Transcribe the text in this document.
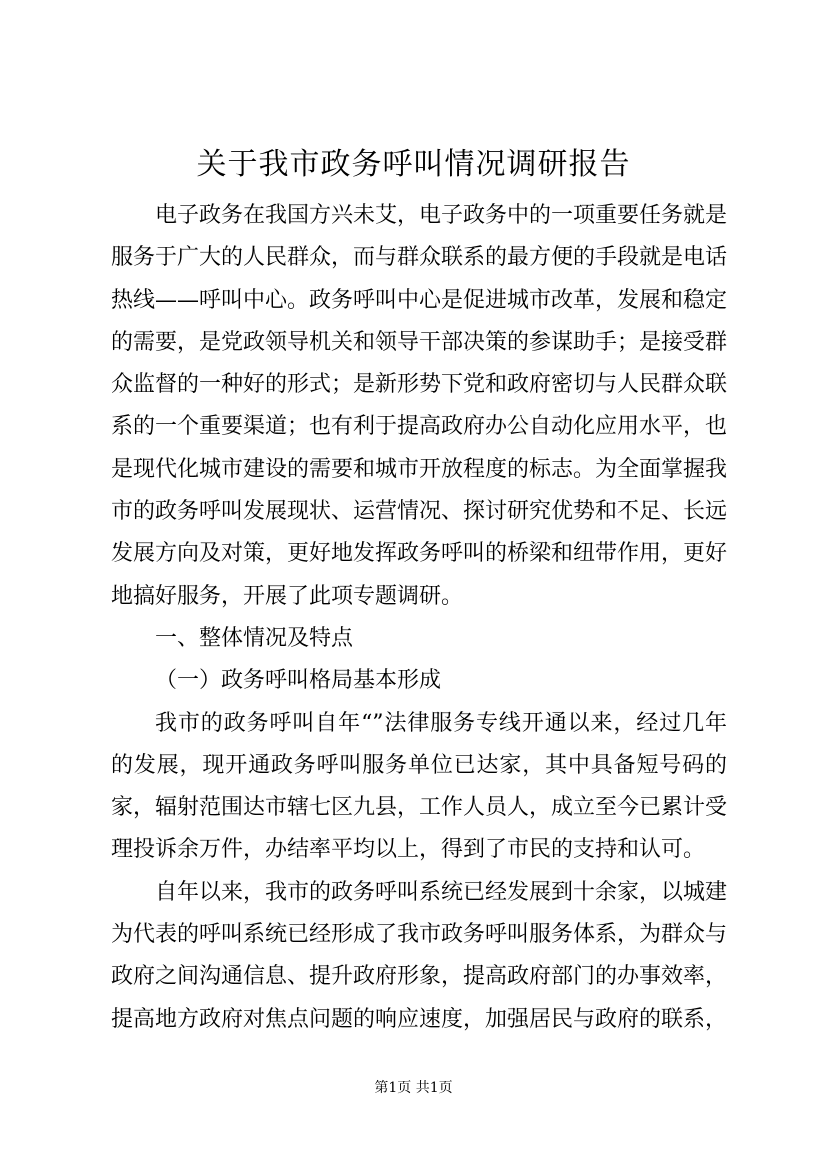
关于我市政务呼叫情况调研报告

电子政务在我国方兴未艾，电子政务中的一项重要任务就是服务于广大的人民群众，而与群众联系的最方便的手段就是电话热线——呼叫中心。政务呼叫中心是促进城市改革，发展和稳定的需要，是党政领导机关和领导干部决策的参谋助手；是接受群众监督的一种好的形式；是新形势下党和政府密切与人民群众联系的一个重要渠道；也有利于提高政府办公自动化应用水平，也是现代化城市建设的需要和城市开放程度的标志。为全面掌握我市的政务呼叫发展现状、运营情况、探讨研究优势和不足、长远发展方向及对策，更好地发挥政务呼叫的桥梁和纽带作用，更好地搞好服务，开展了此项专题调研。

一、整体情况及特点

（一）政务呼叫格局基本形成

我市的政务呼叫自年“”法律服务专线开通以来，经过几年的发展，现开通政务呼叫服务单位已达家，其中具备短号码的家，辐射范围达市辖七区九县，工作人员人，成立至今已累计受理投诉余万件，办结率平均以上，得到了市民的支持和认可。

自年以来，我市的政务呼叫系统已经发展到十余家，以城建为代表的呼叫系统已经形成了我市政务呼叫服务体系，为群众与政府之间沟通信息、提升政府形象，提高政府部门的办事效率，提高地方政府对焦点问题的响应速度，加强居民与政府的联系，

第1页 共1页
